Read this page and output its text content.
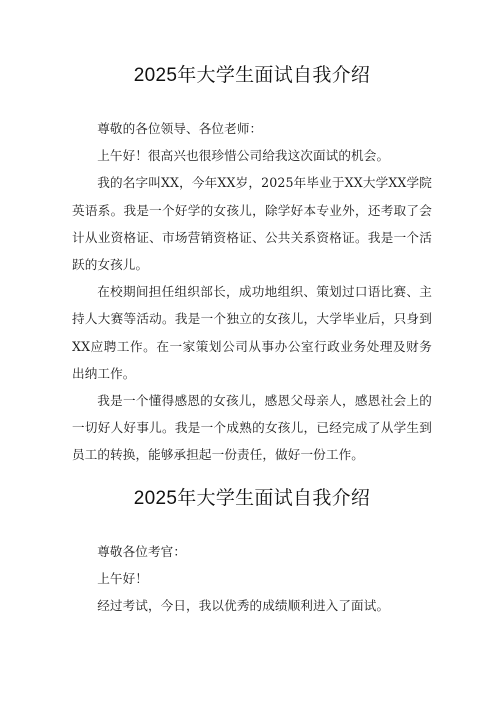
2025年大学生面试自我介绍

尊敬的各位领导、各位老师：

上午好！很高兴也很珍惜公司给我这次面试的机会。

我的名字叫XX，今年XX岁，2025年毕业于XX大学XX学院英语系。我是一个好学的女孩儿，除学好本专业外，还考取了会计从业资格证、市场营销资格证、公共关系资格证。我是一个活跃的女孩儿。

在校期间担任组织部长，成功地组织、策划过口语比赛、主持人大赛等活动。我是一个独立的女孩儿，大学毕业后，只身到XX应聘工作。在一家策划公司从事办公室行政业务处理及财务出纳工作。

我是一个懂得感恩的女孩儿，感恩父母亲人，感恩社会上的一切好人好事儿。我是一个成熟的女孩儿，已经完成了从学生到员工的转换，能够承担起一份责任，做好一份工作。

2025年大学生面试自我介绍

尊敬各位考官：

上午好！

经过考试，今日，我以优秀的成绩顺利进入了面试。
